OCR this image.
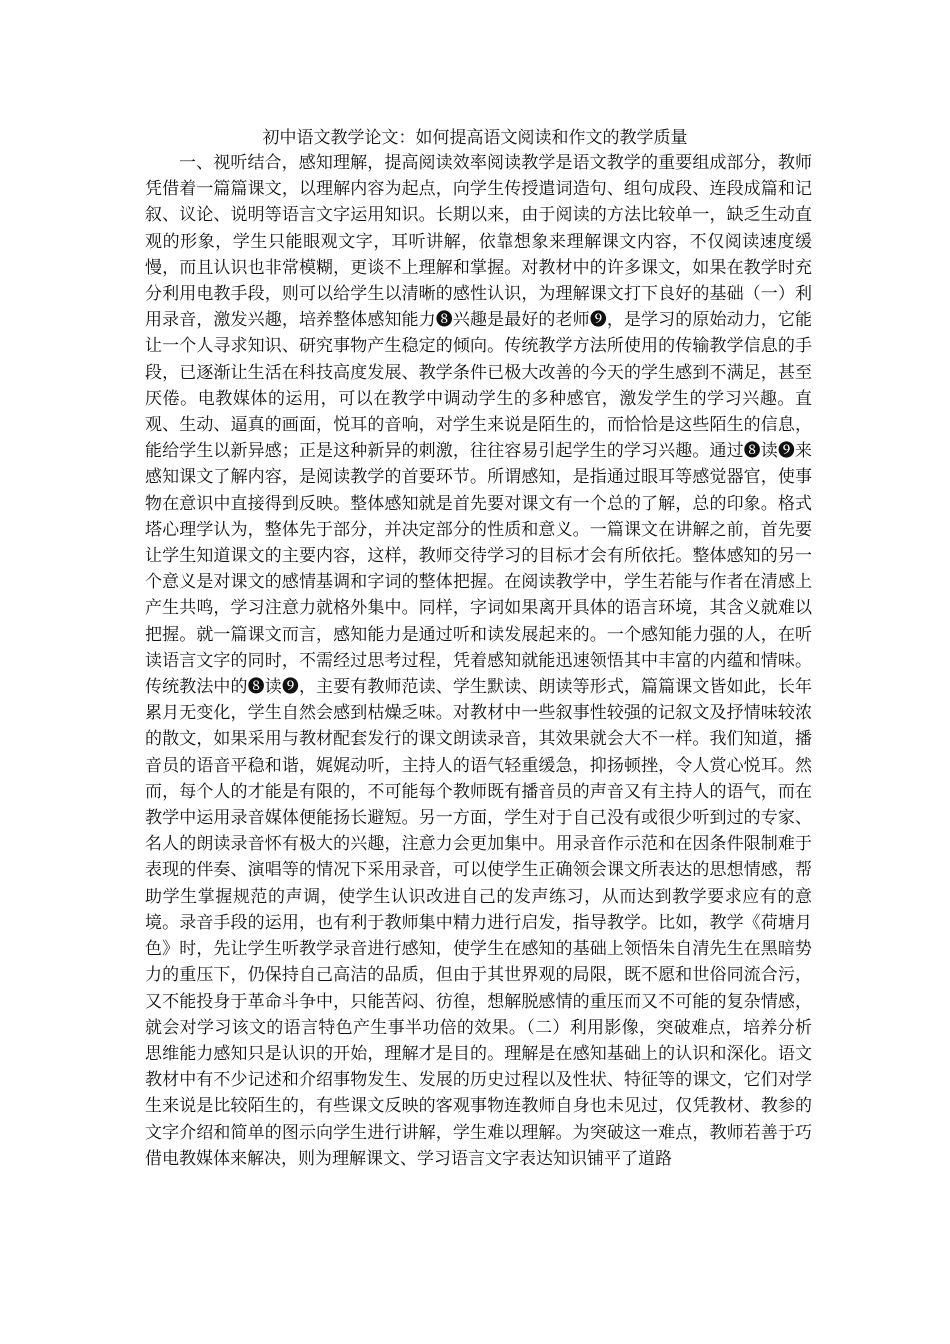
初中语文教学论文：如何提高语文阅读和作文的教学质量

一、视听结合，感知理解，提高阅读效率阅读教学是语文教学的重要组成部分，教师凭借着一篇篇课文，以理解内容为起点，向学生传授遣词造句、组句成段、连段成篇和记叙、议论、说明等语言文字运用知识。长期以来，由于阅读的方法比较单一，缺乏生动直观的形象，学生只能眼观文字，耳听讲解，依靠想象来理解课文内容，不仅阅读速度缓慢，而且认识也非常模糊，更谈不上理解和掌握。对教材中的许多课文，如果在教学时充分利用电教手段，则可以给学生以清晰的感性认识，为理解课文打下良好的基础（一）利用录音，激发兴趣，培养整体感知能力❽兴趣是最好的老师❾，是学习的原始动力，它能让一个人寻求知识、研究事物产生稳定的倾向。传统教学方法所使用的传输教学信息的手段，已逐渐让生活在科技高度发展、教学条件已极大改善的今天的学生感到不满足，甚至厌倦。电教媒体的运用，可以在教学中调动学生的多种感官，激发学生的学习兴趣。直观、生动、逼真的画面，悦耳的音响，对学生来说是陌生的，而恰恰是这些陌生的信息，能给学生以新异感；正是这种新异的刺激，往往容易引起学生的学习兴趣。通过❽读❾来感知课文了解内容，是阅读教学的首要环节。所谓感知，是指通过眼耳等感觉器官，使事物在意识中直接得到反映。整体感知就是首先要对课文有一个总的了解，总的印象。格式塔心理学认为，整体先于部分，并决定部分的性质和意义。一篇课文在讲解之前，首先要让学生知道课文的主要内容，这样，教师交待学习的目标才会有所依托。整体感知的另一个意义是对课文的感情基调和字词的整体把握。在阅读教学中，学生若能与作者在清感上产生共鸣，学习注意力就格外集中。同样，字词如果离开具体的语言环境，其含义就难以把握。就一篇课文而言，感知能力是通过听和读发展起来的。一个感知能力强的人，在听读语言文字的同时，不需经过思考过程，凭着感知就能迅速领悟其中丰富的内蕴和情味。传统教法中的❽读❾，主要有教师范读、学生默读、朗读等形式，篇篇课文皆如此，长年累月无变化，学生自然会感到枯燥乏味。对教材中一些叙事性较强的记叙文及抒情味较浓的散文，如果采用与教材配套发行的课文朗读录音，其效果就会大不一样。我们知道，播音员的语音平稳和谐，娓娓动听，主持人的语气轻重缓急，抑扬顿挫，令人赏心悦耳。然而，每个人的才能是有限的，不可能每个教师既有播音员的声音又有主持人的语气，而在教学中运用录音媒体便能扬长避短。另一方面，学生对于自己没有或很少听到过的专家、名人的朗读录音怀有极大的兴趣，注意力会更加集中。用录音作示范和在因条件限制难于表现的伴奏、演唱等的情况下采用录音，可以使学生正确领会课文所表达的思想情感，帮助学生掌握规范的声调，使学生认识改进自己的发声练习，从而达到教学要求应有的意境。录音手段的运用，也有利于教师集中精力进行启发，指导教学。比如，教学《荷塘月色》时，先让学生听教学录音进行感知，使学生在感知的基础上领悟朱自清先生在黑暗势力的重压下，仍保持自己高洁的品质，但由于其世界观的局限，既不愿和世俗同流合污，又不能投身于革命斗争中，只能苦闷、彷徨，想解脱感情的重压而又不可能的复杂情感，就会对学习该文的语言特色产生事半功倍的效果。（二）利用影像，突破难点，培养分析思维能力感知只是认识的开始，理解才是目的。理解是在感知基础上的认识和深化。语文教材中有不少记述和介绍事物发生、发展的历史过程以及性状、特征等的课文，它们对学生来说是比较陌生的，有些课文反映的客观事物连教师自身也未见过，仅凭教材、教参的文字介绍和简单的图示向学生进行讲解，学生难以理解。为突破这一难点，教师若善于巧借电教媒体来解决，则为理解课文、学习语言文字表达知识铺平了道路
